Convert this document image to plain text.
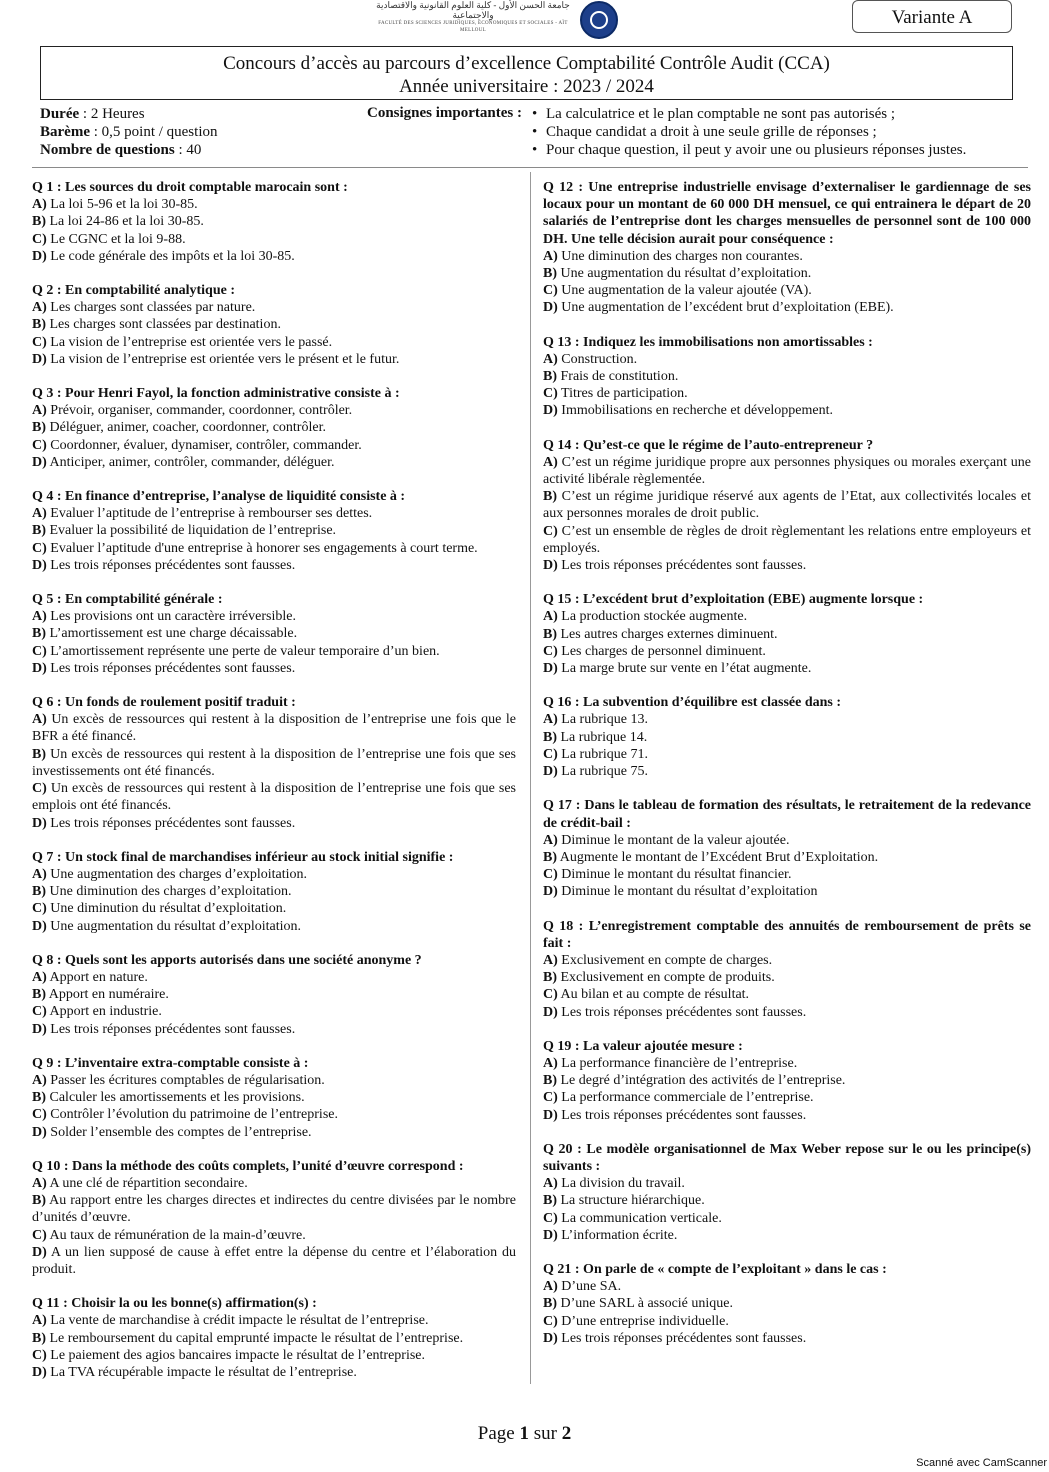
جامعة الحسن الأول - كلية العلوم القانونية والاقتصادية والاجتماعية
FACULTÉ DES SCIENCES JURIDIQUES, ÉCONOMIQUES ET SOCIALES - AÏT MELLOUL
Variante A
Concours d’accès au parcours d’excellence Comptabilité Contrôle Audit (CCA)
Année universitaire : 2023 / 2024
Durée : 2 Heures
Barème : 0,5 point / question
Nombre de questions : 40
Consignes importantes :
•	La calculatrice et le plan comptable ne sont pas autorisés ;
• Chaque candidat a droit à une seule grille de réponses ;
• Pour chaque question, il peut y avoir une ou plusieurs réponses justes.
Q 1 : Les sources du droit comptable marocain sont :
A) La loi 5-96 et la loi 30-85.
B) La loi 24-86 et la loi 30-85.
C) Le CGNC et la loi 9-88.
D) Le code générale des impôts et la loi 30-85.
Q 2 : En comptabilité analytique :
A) Les charges sont classées par nature.
B) Les charges sont classées par destination.
C) La vision de l’entreprise est orientée vers le passé.
D) La vision de l’entreprise est orientée vers le présent et le futur.
Q 3 : Pour Henri Fayol, la fonction administrative consiste à :
A) Prévoir, organiser, commander, coordonner, contrôler.
B) Déléguer, animer, coacher, coordonner, contrôler.
C) Coordonner, évaluer, dynamiser, contrôler, commander.
D) Anticiper, animer, contrôler, commander, déléguer.
Q 4 : En finance d’entreprise, l’analyse de liquidité consiste à :
A) Evaluer l’aptitude de l’entreprise à rembourser ses dettes.
B) Evaluer la possibilité de liquidation de l’entreprise.
C) Evaluer l’aptitude d'une entreprise à honorer ses engagements à court terme.
D) Les trois réponses précédentes sont fausses.
Q 5 : En comptabilité générale :
A) Les provisions ont un caractère irréversible.
B) L’amortissement est une charge décaissable.
C) L’amortissement représente une perte de valeur temporaire d’un bien.
D) Les trois réponses précédentes sont fausses.
Q 6 : Un fonds de roulement positif traduit :
A) Un excès de ressources qui restent à la disposition de l’entreprise une fois que le BFR a été financé.
B) Un excès de ressources qui restent à la disposition de l’entreprise une fois que ses investissements ont été financés.
C) Un excès de ressources qui restent à la disposition de l’entreprise une fois que ses emplois ont été financés.
D) Les trois réponses précédentes sont fausses.
Q 7 : Un stock final de marchandises inférieur au stock initial signifie :
A) Une augmentation des charges d’exploitation.
B) Une diminution des charges d’exploitation.
C) Une diminution du résultat d’exploitation.
D) Une augmentation du résultat d’exploitation.
Q 8 : Quels sont les apports autorisés dans une société anonyme ?
A) Apport en nature.
B) Apport en numéraire.
C) Apport en industrie.
D) Les trois réponses précédentes sont fausses.
Q 9 : L’inventaire extra-comptable consiste à :
A) Passer les écritures comptables de régularisation.
B) Calculer les amortissements et les provisions.
C) Contrôler l’évolution du patrimoine de l’entreprise.
D) Solder l’ensemble des comptes de l’entreprise.
Q 10 : Dans la méthode des coûts complets, l’unité d’œuvre correspond :
A) A une clé de répartition secondaire.
B) Au rapport entre les charges directes et indirectes du centre divisées par le nombre d’unités d’œuvre.
C) Au taux de rémunération de la main-d’œuvre.
D) A un lien supposé de cause à effet entre la dépense du centre et l’élaboration du produit.
Q 11 : Choisir la ou les bonne(s) affirmation(s) :
A) La vente de marchandise à crédit impacte le résultat de l’entreprise.
B) Le remboursement du capital emprunté impacte le résultat de l’entreprise.
C) Le paiement des agios bancaires impacte le résultat de l’entreprise.
D) La TVA récupérable impacte le résultat de l’entreprise.
Q 12 : Une entreprise industrielle envisage d’externaliser le gardiennage de ses locaux pour un montant de 60 000 DH mensuel, ce qui entrainera le départ de 20 salariés de l’entreprise dont les charges mensuelles de personnel sont de 100 000 DH. Une telle décision aurait pour conséquence :
A) Une diminution des charges non courantes.
B) Une augmentation du résultat d’exploitation.
C) Une augmentation de la valeur ajoutée (VA).
D) Une augmentation de l’excédent brut d’exploitation (EBE).
Q 13 : Indiquez les immobilisations non amortissables :
A) Construction.
B) Frais de constitution.
C) Titres de participation.
D) Immobilisations en recherche et développement.
Q 14 : Qu’est-ce que le régime de l’auto-entrepreneur ?
A) C’est un régime juridique propre aux personnes physiques ou morales exerçant une activité libérale règlementée.
B) C’est un régime juridique réservé aux agents de l’Etat, aux collectivités locales et aux personnes morales de droit public.
C) C’est un ensemble de règles de droit règlementant les relations entre employeurs et employés.
D) Les trois réponses précédentes sont fausses.
Q 15 : L’excédent brut d’exploitation (EBE) augmente lorsque :
A) La production stockée augmente.
B) Les autres charges externes diminuent.
C) Les charges de personnel diminuent.
D) La marge brute sur vente en l’état augmente.
Q 16 : La subvention d’équilibre est classée dans :
A) La rubrique 13.
B) La rubrique 14.
C) La rubrique 71.
D) La rubrique 75.
Q 17 : Dans le tableau de formation des résultats, le retraitement de la redevance de crédit-bail :
A) Diminue le montant de la valeur ajoutée.
B) Augmente le montant de l’Excédent Brut d’Exploitation.
C) Diminue le montant du résultat financier.
D) Diminue le montant du résultat d’exploitation
Q 18 : L’enregistrement comptable des annuités de remboursement de prêts se fait :
A) Exclusivement en compte de charges.
B) Exclusivement en compte de produits.
C) Au bilan et au compte de résultat.
D) Les trois réponses précédentes sont fausses.
Q 19 : La valeur ajoutée mesure :
A) La performance financière de l’entreprise.
B) Le degré d’intégration des activités de l’entreprise.
C) La performance commerciale de l’entreprise.
D) Les trois réponses précédentes sont fausses.
Q 20 : Le modèle organisationnel de Max Weber repose sur le ou les principe(s) suivants :
A) La division du travail.
B) La structure hiérarchique.
C) La communication verticale.
D) L’information écrite.
Q 21 : On parle de « compte de l’exploitant » dans le cas :
A) D’une SA.
B) D’une SARL à associé unique.
C) D’une entreprise individuelle.
D) Les trois réponses précédentes sont fausses.
Page 1 sur 2
Scanné avec CamScanner
